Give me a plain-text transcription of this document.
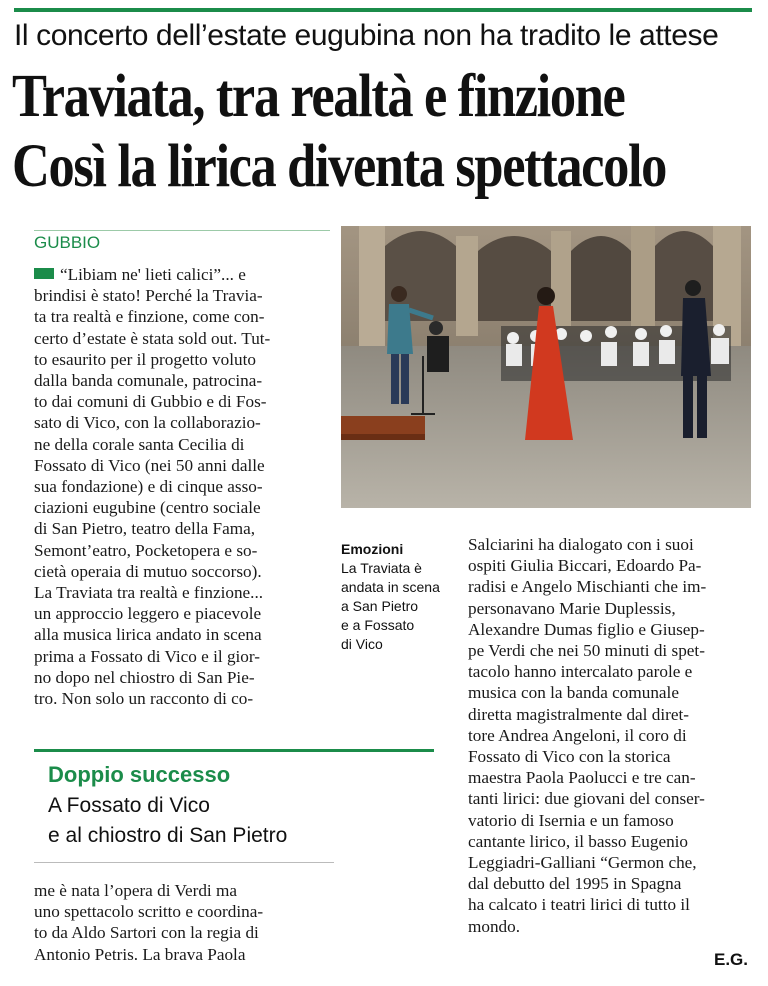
Il concerto dell’estate eugubina non ha tradito le attese
Traviata, tra realtà e finzione
Così la lirica diventa spettacolo
GUBBIO
“Libiam ne' lieti calici”... e
brindisi è stato! Perché la Travia-
ta tra realtà e finzione, come con-
certo d’estate è stata sold out. Tut-
to esaurito per il progetto voluto
dalla banda comunale, patrocina-
to dai comuni di Gubbio e di Fos-
sato di Vico, con la collaborazio-
ne della corale santa Cecilia di
Fossato di Vico (nei 50 anni dalle
sua fondazione) e di cinque asso-
ciazioni eugubine (centro sociale
di San Pietro, teatro della Fama,
Semont’eatro, Pocketopera e so-
cietà operaia di mutuo soccorso).
La Traviata tra realtà e finzione...
un approccio leggero e piacevole
alla musica lirica andato in scena
prima a Fossato di Vico e il gior-
no dopo nel chiostro di San Pie-
tro. Non solo un racconto di co-
Emozioni
La Traviata è
andata in scena
a San Pietro
e a Fossato
di Vico
Salciarini ha dialogato con i suoi
ospiti Giulia Biccari, Edoardo Pa-
radisi e Angelo Mischianti che im-
personavano Marie Duplessis,
Alexandre Dumas figlio e Giusep-
pe Verdi che nei 50 minuti di spet-
tacolo hanno intercalato parole e
musica con la banda comunale
diretta magistralmente dal diret-
tore Andrea Angeloni, il coro di
Fossato di Vico con la storica
maestra Paola Paolucci e tre can-
tanti lirici: due giovani del conser-
vatorio di Isernia e un famoso
cantante lirico, il basso Eugenio
Leggiadri-Galliani “Germon che,
dal debutto del 1995 in Spagna
ha calcato i teatri lirici di tutto il
mondo.
Doppio successo
A Fossato di Vico
e al chiostro di San Pietro
me è nata l’opera di Verdi ma
uno spettacolo scritto e coordina-
to da Aldo Sartori con la regia di
Antonio Petris. La brava Paola	E.G.
